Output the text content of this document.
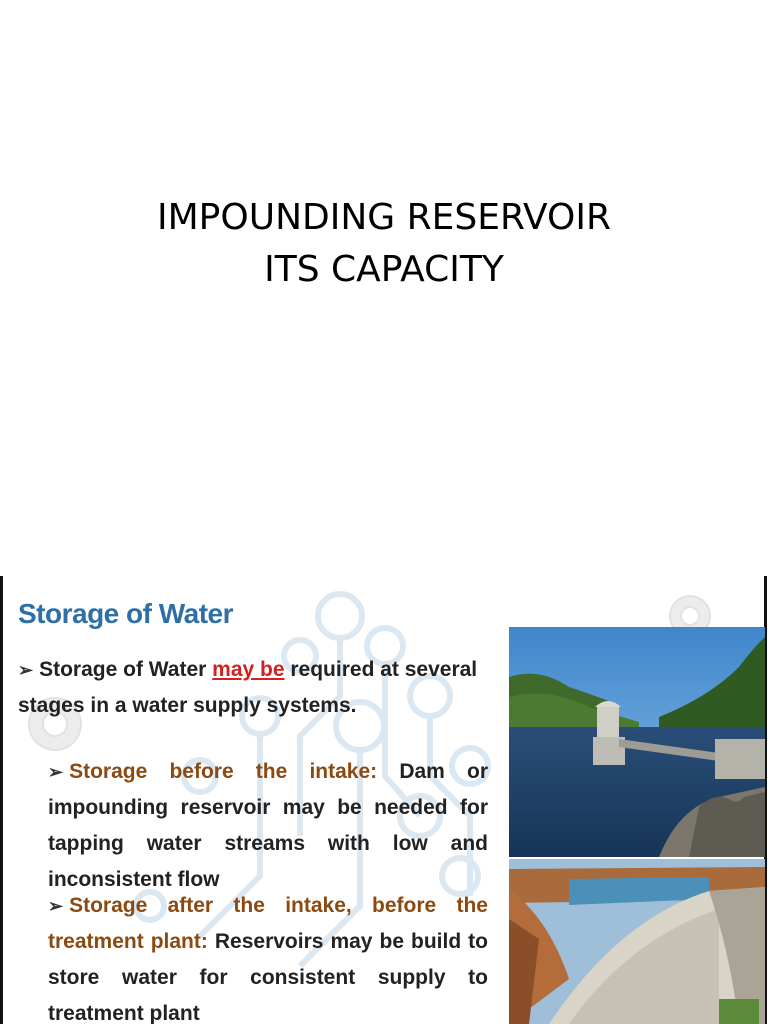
IMPOUNDING RESERVOIR
ITS CAPACITY
Storage of Water
➢ Storage of Water may be required at several stages in a water supply systems.
➢ Storage before the intake: Dam or impounding reservoir may be needed for tapping water streams with low and inconsistent flow
➢ Storage after the intake, before the treatment plant: Reservoirs may be build to store water for consistent supply to treatment plant
